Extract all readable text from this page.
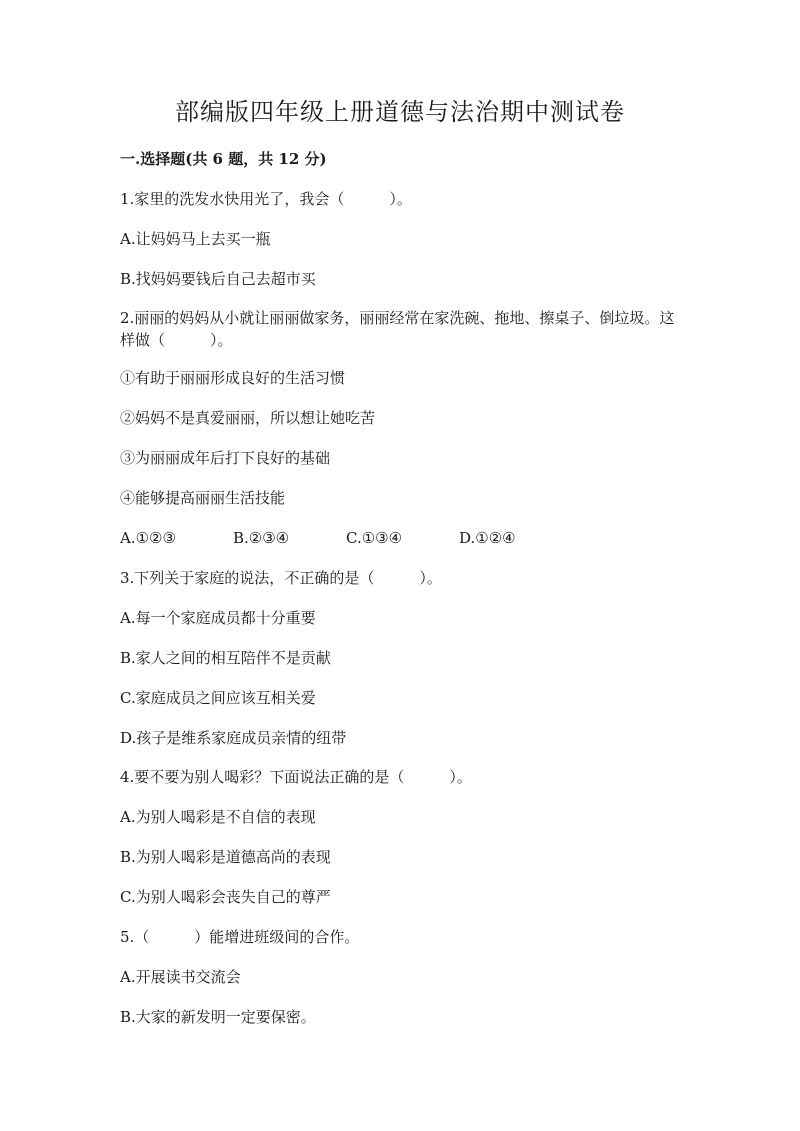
部编版四年级上册道德与法治期中测试卷
一.选择题(共 6 题，共 12 分)
1.家里的洗发水快用光了，我会（　　　）。
A.让妈妈马上去买一瓶
B.找妈妈要钱后自己去超市买
2.丽丽的妈妈从小就让丽丽做家务，丽丽经常在家洗碗、拖地、擦桌子、倒垃圾。这样做（　　　）。
①有助于丽丽形成良好的生活习惯
②妈妈不是真爱丽丽，所以想让她吃苦
③为丽丽成年后打下良好的基础
④能够提高丽丽生活技能
A.①②③	B.②③④	C.①③④	D.①②④
3.下列关于家庭的说法，不正确的是（　　　）。
A.每一个家庭成员都十分重要
B.家人之间的相互陪伴不是贡献
C.家庭成员之间应该互相关爱
D.孩子是维系家庭成员亲情的纽带
4.要不要为别人喝彩？下面说法正确的是（　　　）。
A.为别人喝彩是不自信的表现
B.为别人喝彩是道德高尚的表现
C.为别人喝彩会丧失自己的尊严
5.（　　　）能增进班级间的合作。
A.开展读书交流会
B.大家的新发明一定要保密。
